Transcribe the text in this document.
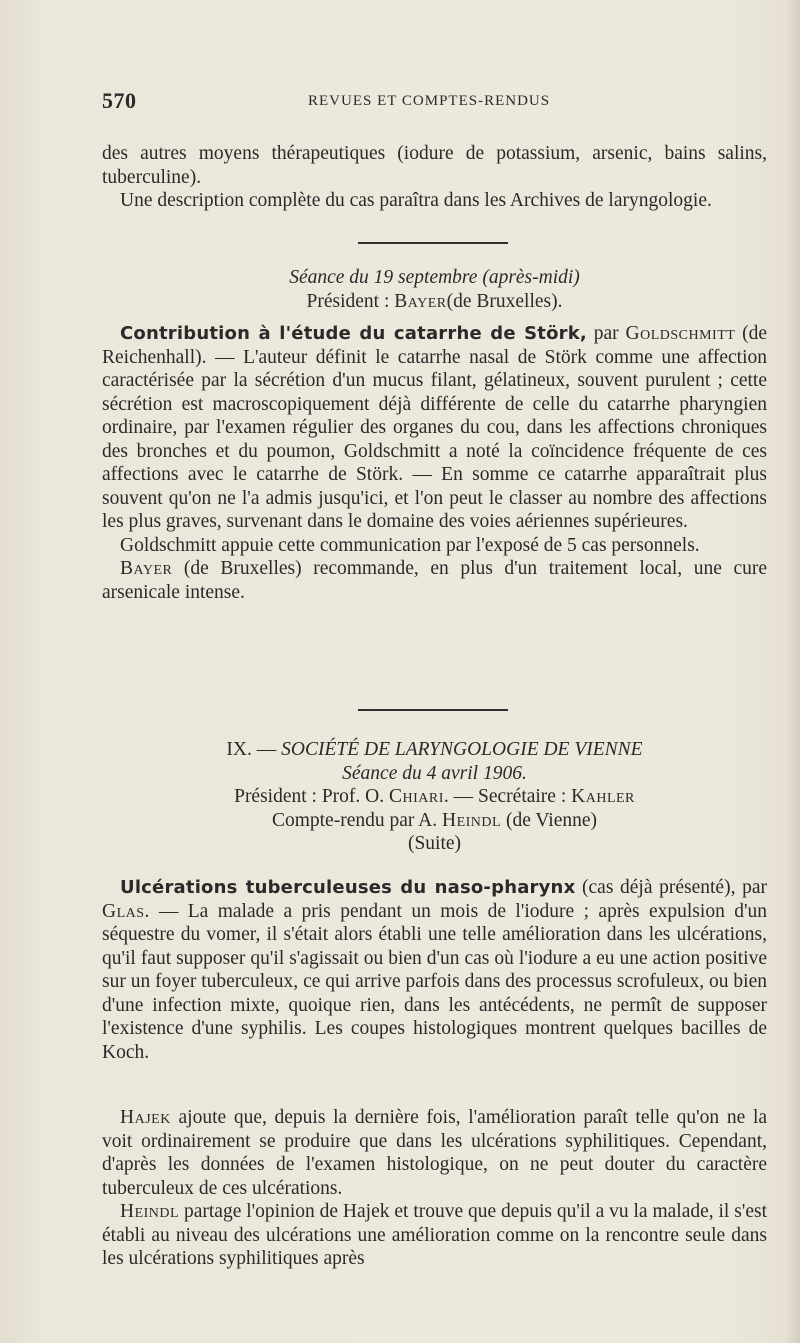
570	REVUES ET COMPTES-RENDUS

des autres moyens thérapeutiques (iodure de potassium, arsenic, bains salins, tuberculine).

Une description complète du cas paraîtra dans les Archives de laryngologie.

Séance du 19 septembre (après-midi)

Président : Bayer(de Bruxelles).

Contribution à l'étude du catarrhe de Störk, par Goldschmitt (de Reichenhall). — L'auteur définit le catarrhe nasal de Störk comme une affection caractérisée par la sécrétion d'un mucus filant, gélatineux, souvent purulent ; cette sécrétion est macroscopiquement déjà différente de celle du catarrhe pharyngien ordinaire, par l'examen régulier des organes du cou, dans les affections chroniques des bronches et du poumon, Goldschmitt a noté la coïncidence fréquente de ces affections avec le catarrhe de Störk. — En somme ce catarrhe apparaîtrait plus souvent qu'on ne l'a admis jusqu'ici, et l'on peut le classer au nombre des affections les plus graves, survenant dans le domaine des voies aériennes supérieures.

Goldschmitt appuie cette communication par l'exposé de 5 cas personnels.

Bayer (de Bruxelles) recommande, en plus d'un traitement local, une cure arsenicale intense.

IX. — SOCIÉTÉ DE LARYNGOLOGIE DE VIENNE

Séance du 4 avril 1906.

Président : Prof. O. Chiari. — Secrétaire : Kahler

Compte-rendu par A. Heindl (de Vienne)

(Suite)

Ulcérations tuberculeuses du naso-pharynx (cas déjà présenté), par Glas. — La malade a pris pendant un mois de l'iodure ; après expulsion d'un séquestre du vomer, il s'était alors établi une telle amélioration dans les ulcérations, qu'il faut supposer qu'il s'agissait ou bien d'un cas où l'iodure a eu une action positive sur un foyer tuberculeux, ce qui arrive parfois dans des processus scrofuleux, ou bien d'une infection mixte, quoique rien, dans les antécédents, ne permît de supposer l'existence d'une syphilis. Les coupes histologiques montrent quelques bacilles de Koch.

Hajek ajoute que, depuis la dernière fois, l'amélioration paraît telle qu'on ne la voit ordinairement se produire que dans les ulcérations syphilitiques. Cependant, d'après les données de l'examen histologique, on ne peut douter du caractère tuberculeux de ces ulcérations.

Heindl partage l'opinion de Hajek et trouve que depuis qu'il a vu la malade, il s'est établi au niveau des ulcérations une amélioration comme on la rencontre seule dans les ulcérations syphilitiques après
